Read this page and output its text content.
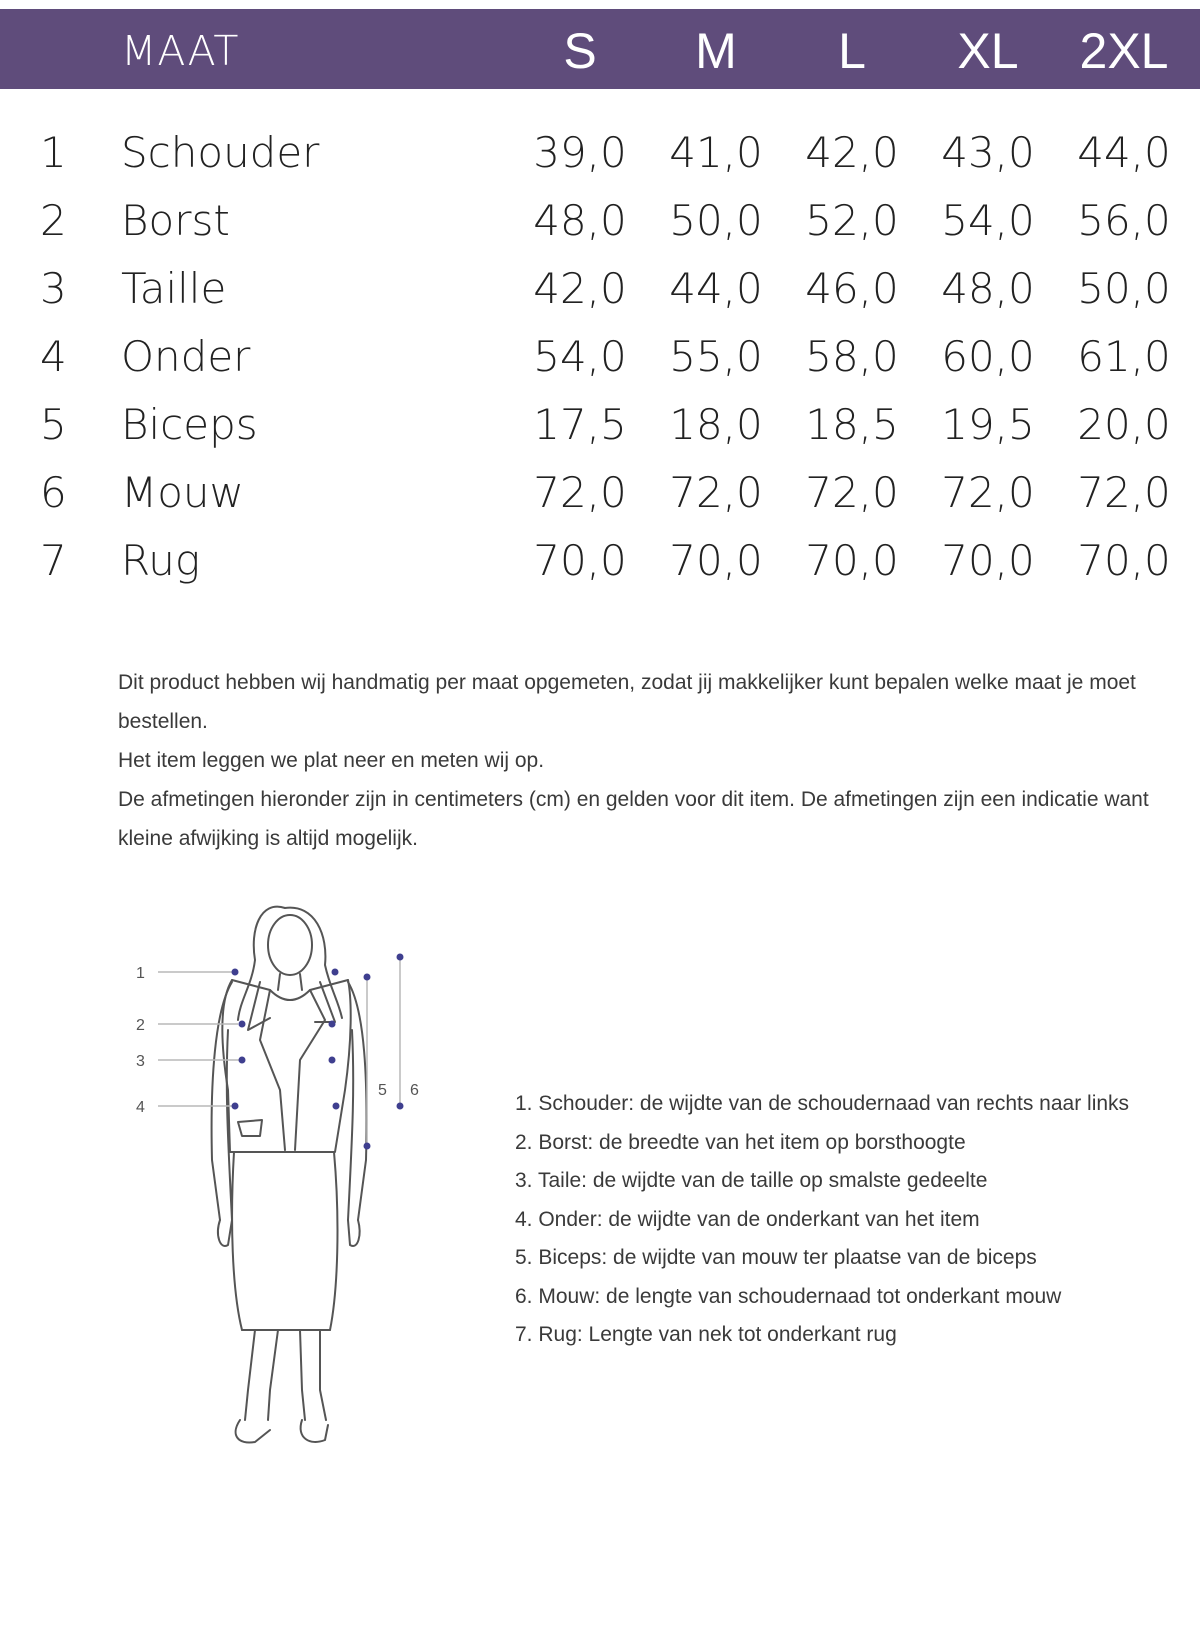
MAAT	S	M	L	XL	2XL
1	Schouder	39,0	41,0	42,0	43,0	44,0
2	Borst	48,0	50,0	52,0	54,0	56,0
3	Taille	42,0	44,0	46,0	48,0	50,0
4	Onder	54,0	55,0	58,0	60,0	61,0
5	Biceps	17,5	18,0	18,5	19,5	20,0
6	Mouw	72,0	72,0	72,0	72,0	72,0
7	Rug	70,0	70,0	70,0	70,0	70,0

Dit product hebben wij handmatig per maat opgemeten, zodat jij makkelijker kunt bepalen welke maat je moet bestellen.

Het item leggen we plat neer en meten wij op.

De afmetingen hieronder zijn in centimeters (cm) en gelden voor dit item. De afmetingen zijn een indicatie want kleine afwijking is altijd mogelijk.

1
2
3
4
5 6
1. Schouder: de wijdte van de schoudernaad van rechts naar links
2. Borst: de breedte van het item op borsthoogte
3. Taile: de wijdte van de taille op smalste gedeelte
4. Onder: de wijdte van de onderkant van het item
5. Biceps: de wijdte van mouw ter plaatse van de biceps
6. Mouw: de lengte van schoudernaad tot onderkant mouw
7. Rug: Lengte van nek tot onderkant rug
